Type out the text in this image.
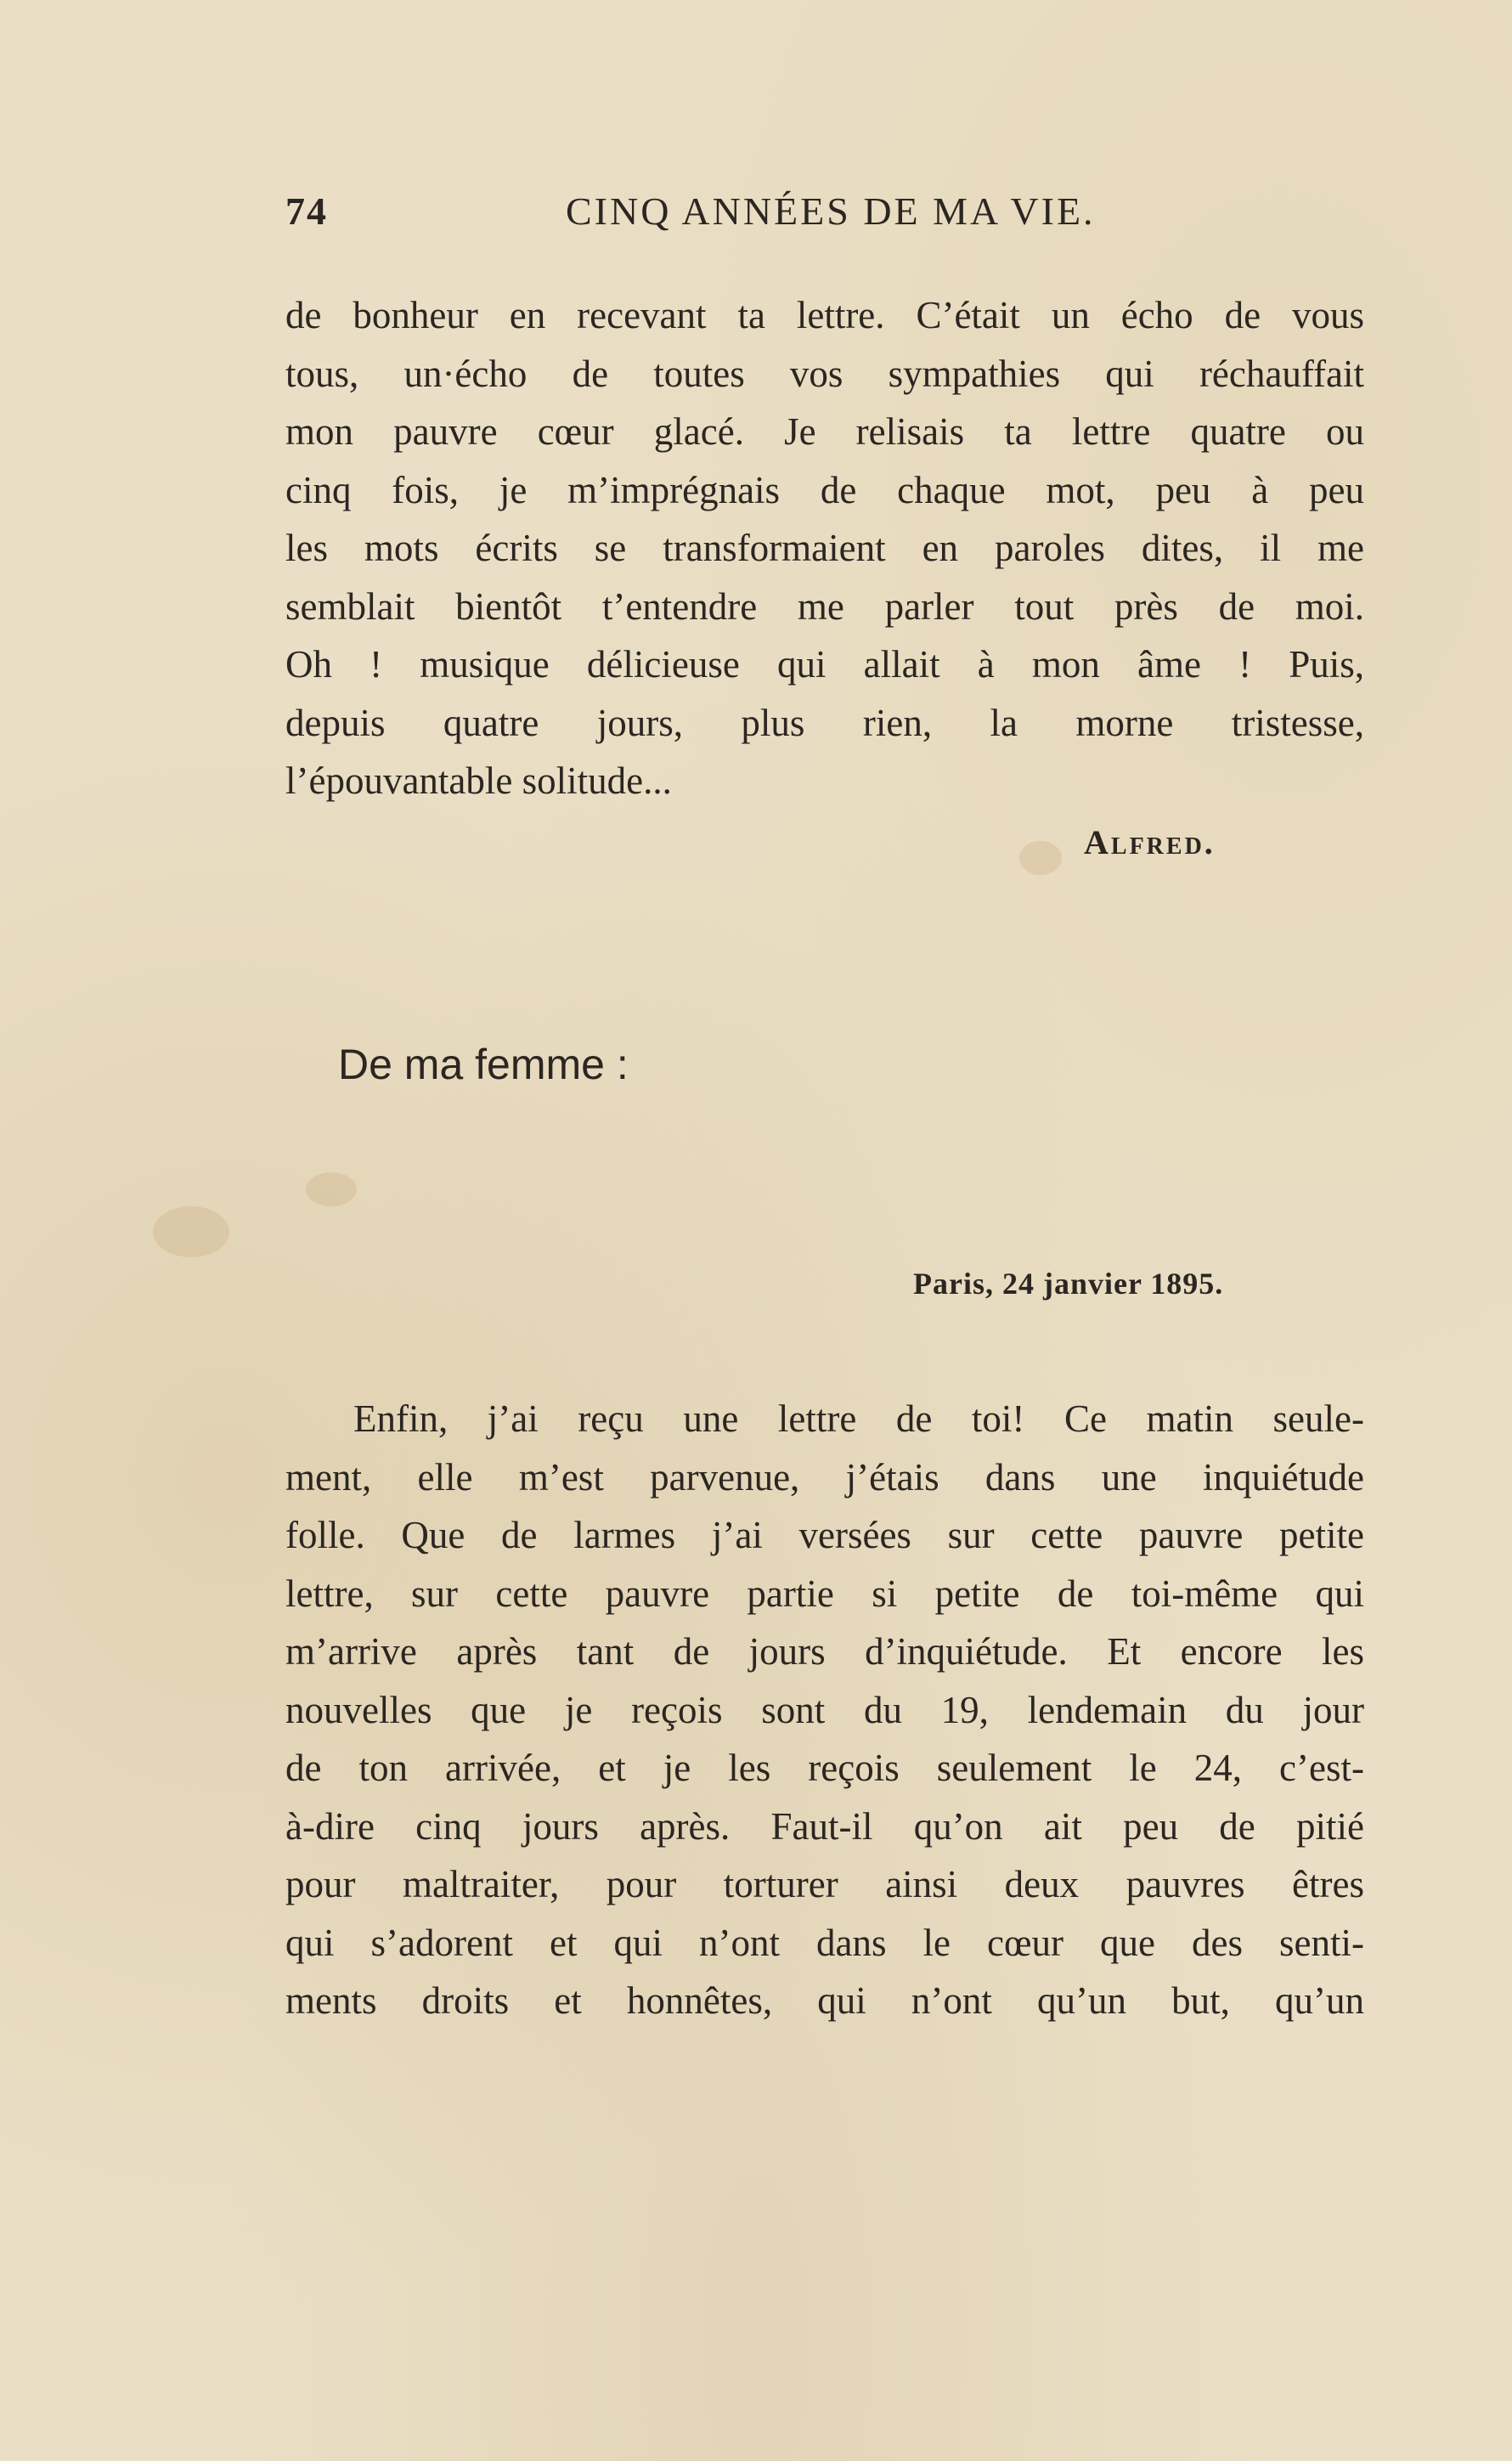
74	CINQ ANNÉES DE MA VIE.
de bonheur en recevant ta lettre. C’était un écho de vous
tous, un·écho de toutes vos sympathies qui réchauffait
mon pauvre cœur glacé. Je relisais ta lettre quatre ou
cinq fois, je m’imprégnais de chaque mot, peu à peu
les mots écrits se transformaient en paroles dites, il me
semblait bientôt t’entendre me parler tout près de moi.
Oh ! musique délicieuse qui allait à mon âme ! Puis,
depuis quatre jours, plus rien, la morne tristesse,
l’épouvantable solitude...
Alfred.
De ma femme :
Paris, 24 janvier 1895.
Enfin, j’ai reçu une lettre de toi! Ce matin seule-
ment, elle m’est parvenue, j’étais dans une inquiétude
folle. Que de larmes j’ai versées sur cette pauvre petite
lettre, sur cette pauvre partie si petite de toi-même qui
m’arrive après tant de jours d’inquiétude. Et encore les
nouvelles que je reçois sont du 19, lendemain du jour
de ton arrivée, et je les reçois seulement le 24, c’est-
à-dire cinq jours après. Faut-il qu’on ait peu de pitié
pour maltraiter, pour torturer ainsi deux pauvres êtres
qui s’adorent et qui n’ont dans le cœur que des senti-
ments droits et honnêtes, qui n’ont qu’un but, qu’un
